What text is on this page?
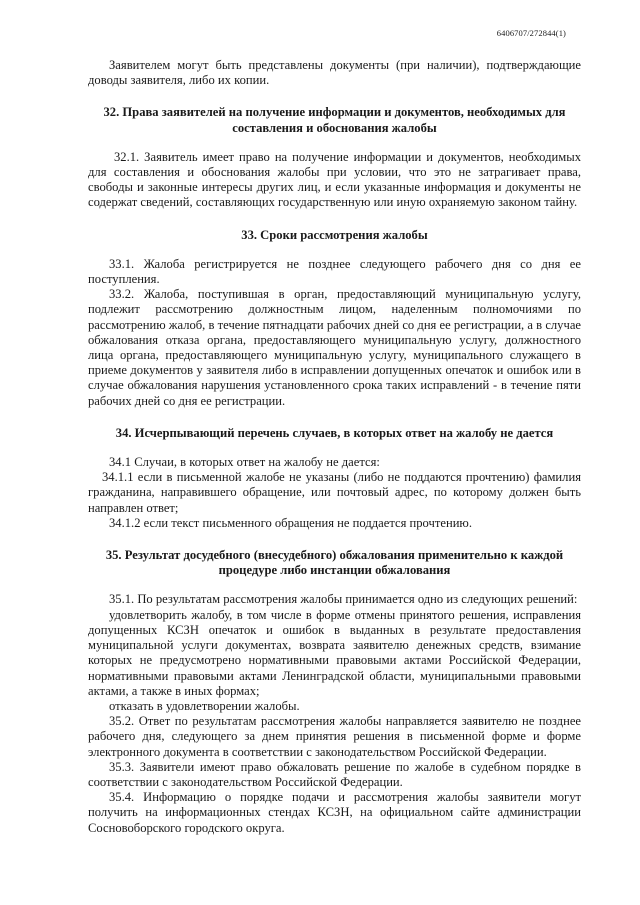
6406707/272844(1)

Заявителем могут быть представлены документы (при наличии), подтверждающие доводы заявителя, либо их копии.

32. Права заявителей на получение информации и документов, необходимых для составления и обоснования жалобы

32.1. Заявитель имеет право на получение информации и документов, необходимых для составления и обоснования жалобы при условии, что это не затрагивает права, свободы и законные интересы других лиц, и если указанные информация и документы не содержат сведений, составляющих государственную или иную охраняемую законом тайну.

33. Сроки рассмотрения жалобы

33.1. Жалоба регистрируется не позднее следующего рабочего дня со дня ее поступления.

33.2. Жалоба, поступившая в орган, предоставляющий муниципальную услугу, подлежит рассмотрению должностным лицом, наделенным полномочиями по рассмотрению жалоб, в течение пятнадцати рабочих дней со дня ее регистрации, а в случае обжалования отказа органа, предоставляющего муниципальную услугу, должностного лица органа, предоставляющего муниципальную услугу, муниципального служащего в приеме документов у заявителя либо в исправлении допущенных опечаток и ошибок или в случае обжалования нарушения установленного срока таких исправлений - в течение пяти рабочих дней со дня ее регистрации.

34. Исчерпывающий перечень случаев, в которых ответ на жалобу не дается

34.1 Случаи, в которых ответ на жалобу не дается:

34.1.1 если в письменной жалобе не указаны (либо не поддаются прочтению) фамилия гражданина, направившего обращение, или почтовый адрес, по которому должен быть направлен ответ;

34.1.2 если текст письменного обращения не поддается прочтению.

35. Результат досудебного (внесудебного) обжалования применительно к каждой процедуре либо инстанции обжалования

35.1. По результатам рассмотрения жалобы принимается одно из следующих решений:

удовлетворить жалобу, в том числе в форме отмены принятого решения, исправления допущенных КСЗН опечаток и ошибок в выданных в результате предоставления муниципальной услуги документах, возврата заявителю денежных средств, взимание которых не предусмотрено нормативными правовыми актами Российской Федерации, нормативными правовыми актами Ленинградской области, муниципальными правовыми актами, а также в иных формах;

отказать в удовлетворении жалобы.

35.2. Ответ по результатам рассмотрения жалобы направляется заявителю не позднее рабочего дня, следующего за днем принятия решения в письменной форме и форме электронного документа в соответствии с законодательством Российской Федерации.

35.3. Заявители имеют право обжаловать решение по жалобе в судебном порядке в соответствии с законодательством Российской Федерации.

35.4. Информацию о порядке подачи и рассмотрения жалобы заявители могут получить на информационных стендах КСЗН, на официальном сайте администрации Сосновоборского городского округа.
